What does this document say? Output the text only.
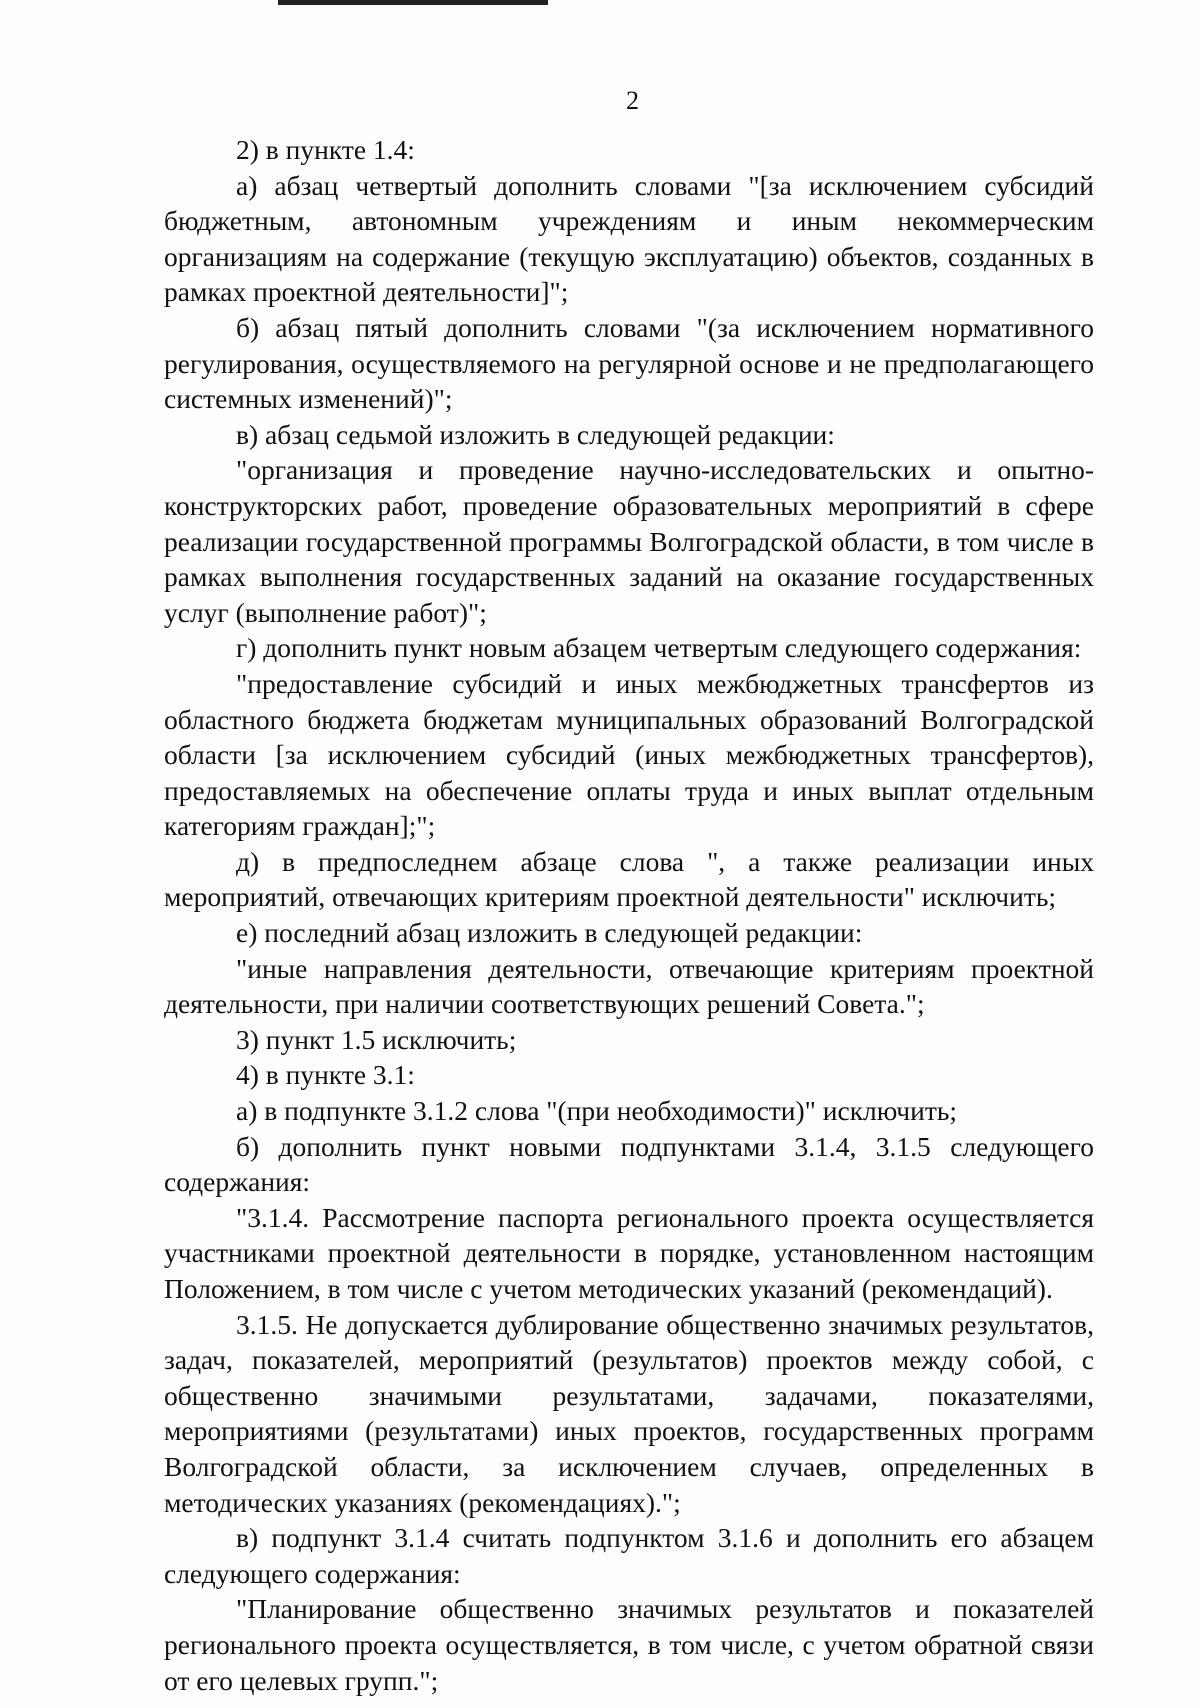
2

2) в пункте 1.4:

а) абзац четвертый дополнить словами "[за исключением субсидий бюджетным, автономным учреждениям и иным некоммерческим организациям на содержание (текущую эксплуатацию) объектов, созданных в рамках проектной деятельности]";

б) абзац пятый дополнить словами "(за исключением нормативного регулирования, осуществляемого на регулярной основе и не предполагающего системных изменений)";

в) абзац седьмой изложить в следующей редакции:

"организация и проведение научно-исследовательских и опытно-конструкторских работ, проведение образовательных мероприятий в сфере реализации государственной программы Волгоградской области, в том числе в рамках выполнения государственных заданий на оказание государственных услуг (выполнение работ)";

г) дополнить пункт новым абзацем четвертым следующего содержания:

"предоставление субсидий и иных межбюджетных трансфертов из областного бюджета бюджетам муниципальных образований Волгоградской области [за исключением субсидий (иных межбюджетных трансфертов), предоставляемых на обеспечение оплаты труда и иных выплат отдельным категориям граждан];";

д) в предпоследнем абзаце слова ", а также реализации иных мероприятий, отвечающих критериям проектной деятельности" исключить;

е) последний абзац изложить в следующей редакции:

"иные направления деятельности, отвечающие критериям проектной деятельности, при наличии соответствующих решений Совета.";

3) пункт 1.5 исключить;

4) в пункте 3.1:

а) в подпункте 3.1.2 слова "(при необходимости)" исключить;

б) дополнить пункт новыми подпунктами 3.1.4, 3.1.5 следующего содержания:

"3.1.4. Рассмотрение паспорта регионального проекта осуществляется участниками проектной деятельности в порядке, установленном настоящим Положением, в том числе с учетом методических указаний (рекомендаций).

3.1.5. Не допускается дублирование общественно значимых результатов, задач, показателей, мероприятий (результатов) проектов между собой, с общественно значимыми результатами, задачами, показателями, мероприятиями (результатами) иных проектов, государственных программ Волгоградской области, за исключением случаев, определенных в методических указаниях (рекомендациях).";

в) подпункт 3.1.4 считать подпунктом 3.1.6 и дополнить его абзацем следующего содержания:

"Планирование общественно значимых результатов и показателей регионального проекта осуществляется, в том числе, с учетом обратной связи от его целевых групп.";
